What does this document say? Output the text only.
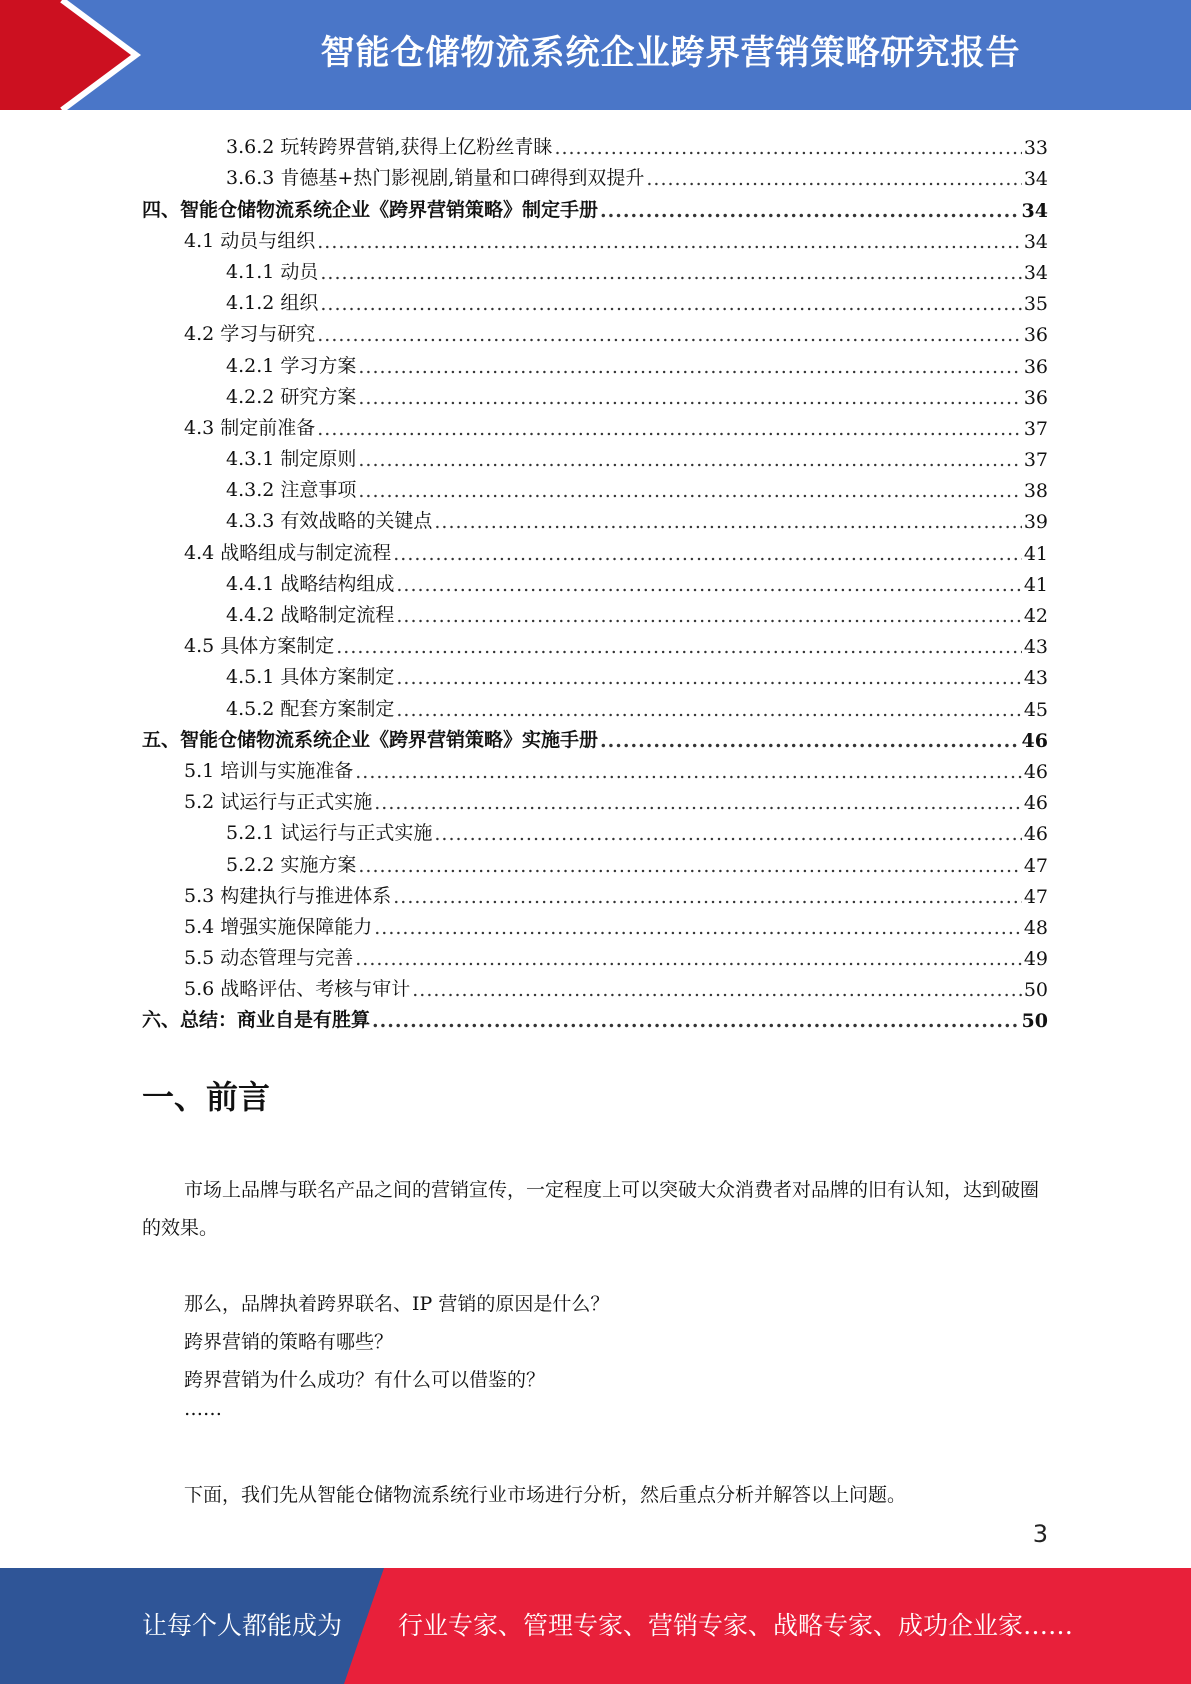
智能仓储物流系统企业跨界营销策略研究报告
3.6.2 玩转跨界营销,获得上亿粉丝青睐 .....	33
3.6.3 肯德基+热门影视剧,销量和口碑得到双提升 .....	34
四、智能仓储物流系统企业《跨界营销策略》制定手册 .....	34
4.1 动员与组织 .....	34
4.1.1 动员 .....	34
4.1.2 组织 .....	35
4.2 学习与研究 .....	36
4.2.1 学习方案 .....	36
4.2.2 研究方案 .....	36
4.3 制定前准备 .....	37
4.3.1 制定原则 .....	37
4.3.2 注意事项 .....	38
4.3.3 有效战略的关键点 .....	39
4.4 战略组成与制定流程 .....	41
4.4.1 战略结构组成 .....	41
4.4.2 战略制定流程 .....	42
4.5 具体方案制定 .....	43
4.5.1 具体方案制定 .....	43
4.5.2 配套方案制定 .....	45
五、智能仓储物流系统企业《跨界营销策略》实施手册 .....	46
5.1 培训与实施准备 .....	46
5.2 试运行与正式实施 .....	46
5.2.1 试运行与正式实施 .....	46
5.2.2 实施方案 .....	47
5.3 构建执行与推进体系 .....	47
5.4 增强实施保障能力 .....	48
5.5 动态管理与完善 .....	49
5.6 战略评估、考核与审计 .....	50
六、总结：商业自是有胜算 .....	50
一、前言
市场上品牌与联名产品之间的营销宣传，一定程度上可以突破大众消费者对品牌的旧有认知，达到破圈的效果。
那么，品牌执着跨界联名、IP 营销的原因是什么？
跨界营销的策略有哪些？
跨界营销为什么成功？有什么可以借鉴的？
……
下面，我们先从智能仓储物流系统行业市场进行分析，然后重点分析并解答以上问题。
3
让每个人都能成为 行业专家、管理专家、营销专家、战略专家、成功企业家……
